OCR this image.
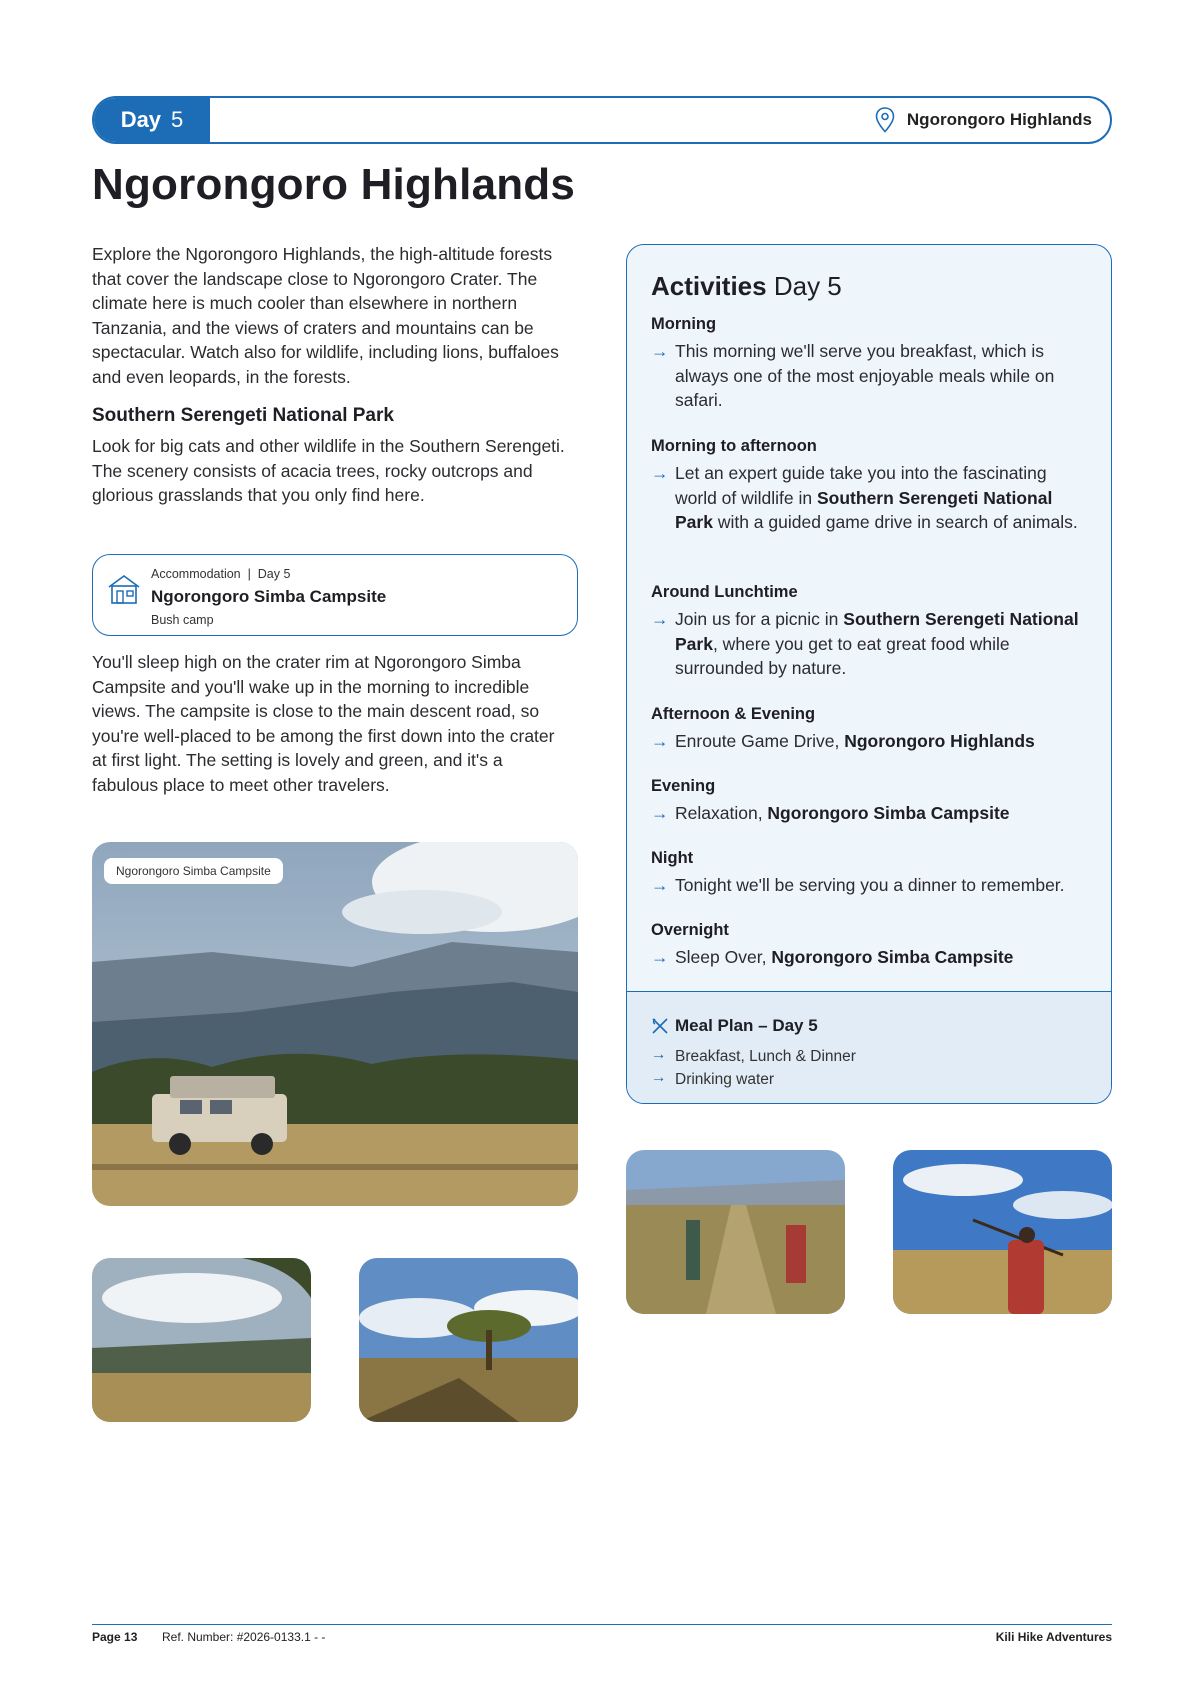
Day 5	Ngorongoro Highlands
Ngorongoro Highlands

Explore the Ngorongoro Highlands, the high-altitude forests that cover the landscape close to Ngorongoro Crater. The climate here is much cooler than elsewhere in northern Tanzania, and the views of craters and mountains can be spectacular. Watch also for wildlife, including lions, buffaloes and even leopards, in the forests.

Southern Serengeti National Park

Look for big cats and other wildlife in the Southern Serengeti. The scenery consists of acacia trees, rocky outcrops and glorious grasslands that you only find here.

Accommodation | Day 5
Ngorongoro Simba Campsite
Bush camp

You'll sleep high on the crater rim at Ngorongoro Simba Campsite and you'll wake up in the morning to incredible views. The campsite is close to the main descent road, so you're well-placed to be among the first down into the crater at first light. The setting is lovely and green, and it's a fabulous place to meet other travelers.

Ngorongoro Simba Campsite
Activities Day 5
Morning
→ This morning we'll serve you breakfast, which is always one of the most enjoyable meals while on safari.
Morning to afternoon
→ Let an expert guide take you into the fascinating world of wildlife in Southern Serengeti National Park with a guided game drive in search of animals.
Around Lunchtime
→ Join us for a picnic in Southern Serengeti National Park, where you get to eat great food while surrounded by nature.
Afternoon & Evening
→ Enroute Game Drive, Ngorongoro Highlands
Evening
→ Relaxation, Ngorongoro Simba Campsite
Night
→ Tonight we'll be serving you a dinner to remember.
Overnight
→ Sleep Over, Ngorongoro Simba Campsite
Meal Plan – Day 5
→ Breakfast, Lunch & Dinner
→ Drinking water
Page 13 Ref. Number: #2026-0133.1 - -	Kili Hike Adventures
